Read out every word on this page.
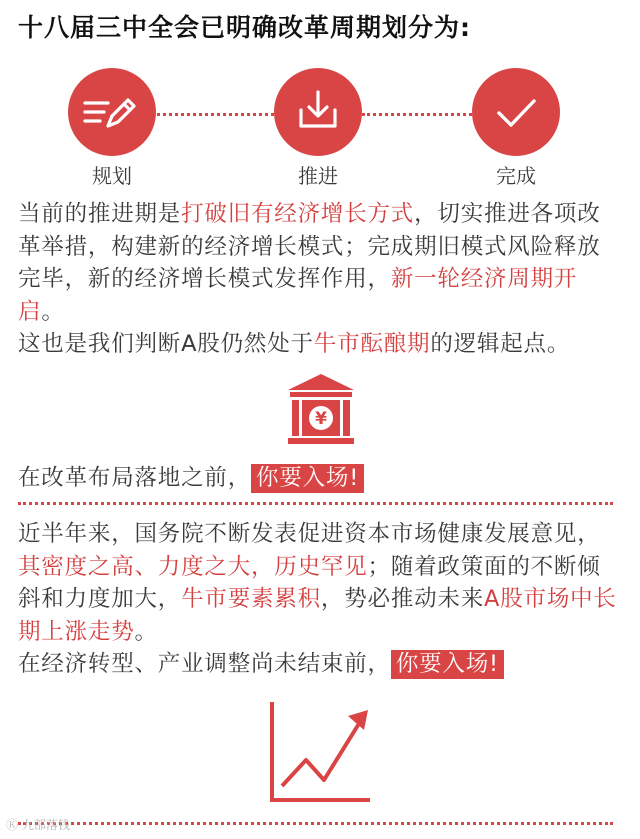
十八届三中全会已明确改革周期划分为:
规划	推进	完成

当前的推进期是打破旧有经济增长方式，切实推进各项改革举措，构建新的经济增长模式；完成期旧模式风险释放完毕，新的经济增长模式发挥作用，新一轮经济周期开启。

这也是我们判断A股仍然处于牛市酝酿期的逻辑起点。

¥
在改革布局落地之前， 你要入场!

近半年来，国务院不断发表促进资本市场健康发展意见，其密度之高、力度之大，历史罕见；随着政策面的不断倾斜和力度加大，牛市要素累积，势必推动未来A股市场中长期上涨走势。

在经济转型、产业调整尚未结束前， 你要入场!

Ⓚ 九部落钱
